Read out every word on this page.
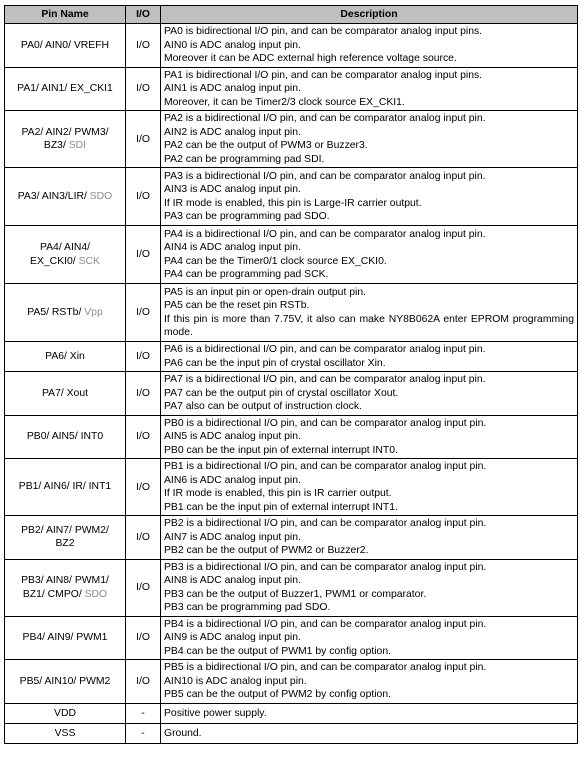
Pin Name	I/O	Description

PA0/ AIN0/ VREFH	I/O	PA0 is bidirectional I/O pin, and can be comparator analog input pins.
AIN0 is ADC analog input pin.
Moreover it can be ADC external high reference voltage source.

PA1/ AIN1/ EX_CKI1	I/O	PA1 is bidirectional I/O pin, and can be comparator analog input pins.
AIN1 is ADC analog input pin.
Moreover, it can be Timer2/3 clock source EX_CKI1.

PA2/ AIN2/ PWM3/
BZ3/ SDI	I/O	PA2 is a bidirectional I/O pin, and can be comparator analog input pin.
AIN2 is ADC analog input pin.
PA2 can be the output of PWM3 or Buzzer3.
PA2 can be programming pad SDI.

PA3/ AIN3/LIR/ SDO	I/O	PA3 is a bidirectional I/O pin, and can be comparator analog input pin.
AIN3 is ADC analog input pin.
If IR mode is enabled, this pin is Large-IR carrier output.
PA3 can be programming pad SDO.

PA4/ AIN4/
EX_CKI0/ SCK	I/O	PA4 is a bidirectional I/O pin, and can be comparator analog input pin.
AIN4 is ADC analog input pin.
PA4 can be the Timer0/1 clock source EX_CKI0.
PA4 can be programming pad SCK.

PA5/ RSTb/ Vpp	I/O	PA5 is an input pin or open-drain output pin.
PA5 can be the reset pin RSTb.
If this pin is more than 7.75V, it also can make NY8B062A enter EPROM programming mode.

PA6/ Xin	I/O	PA6 is a bidirectional I/O pin, and can be comparator analog input pin.
PA6 can be the input pin of crystal oscillator Xin.

PA7/ Xout	I/O	PA7 is a bidirectional I/O pin, and can be comparator analog input pin.
PA7 can be the output pin of crystal oscillator Xout.
PA7 also can be output of instruction clock.

PB0/ AIN5/ INT0	I/O	PB0 is a bidirectional I/O pin, and can be comparator analog input pin.
AIN5 is ADC analog input pin.
PB0 can be the input pin of external interrupt INT0.

PB1/ AIN6/ IR/ INT1	I/O	PB1 is a bidirectional I/O pin, and can be comparator analog input pin.
AIN6 is ADC analog input pin.
If IR mode is enabled, this pin is IR carrier output.
PB1 can be the input pin of external interrupt INT1.

PB2/ AIN7/ PWM2/
BZ2	I/O	PB2 is a bidirectional I/O pin, and can be comparator analog input pin.
AIN7 is ADC analog input pin.
PB2 can be the output of PWM2 or Buzzer2.

PB3/ AIN8/ PWM1/
BZ1/ CMPO/ SDO	I/O	PB3 is a bidirectional I/O pin, and can be comparator analog input pin.
AIN8 is ADC analog input pin.
PB3 can be the output of Buzzer1, PWM1 or comparator.
PB3 can be programming pad SDO.

PB4/ AIN9/ PWM1	I/O	PB4 is a bidirectional I/O pin, and can be comparator analog input pin.
AIN9 is ADC analog input pin.
PB4 can be the output of PWM1 by config option.

PB5/ AIN10/ PWM2	I/O	PB5 is a bidirectional I/O pin, and can be comparator analog input pin.
AIN10 is ADC analog input pin.
PB5 can be the output of PWM2 by config option.

VDD	-	Positive power supply.

VSS	-	Ground.
